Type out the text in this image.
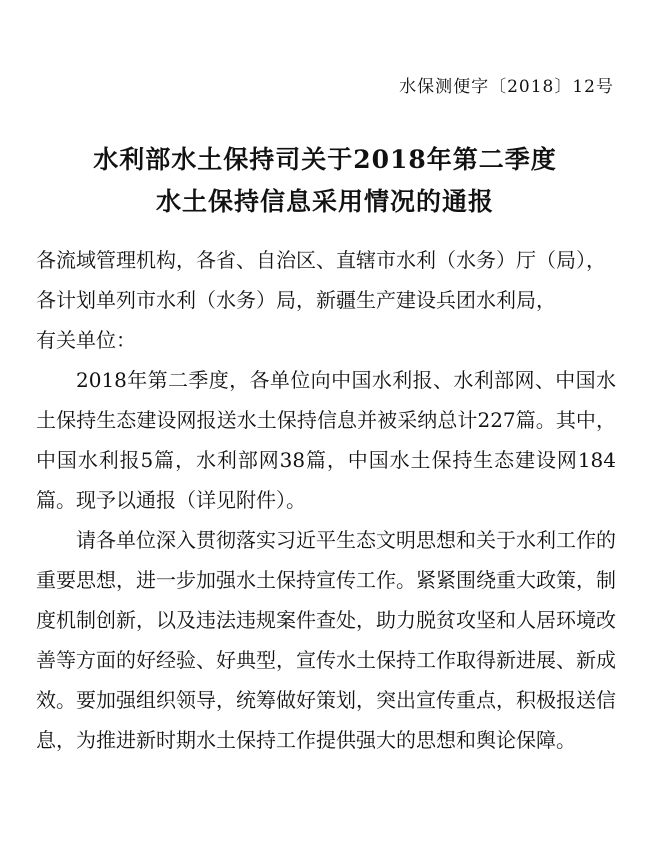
水保测便字〔2018〕12号
水利部水土保持司关于2018年第二季度
水土保持信息采用情况的通报

各流域管理机构，各省、自治区、直辖市水利（水务）厅（局），

各计划单列市水利（水务）局，新疆生产建设兵团水利局，

有关单位：

2018年第二季度，各单位向中国水利报、水利部网、中国水土保持生态建设网报送水土保持信息并被采纳总计227篇。其中，中国水利报5篇，水利部网38篇，中国水土保持生态建设网184篇。现予以通报（详见附件）。

请各单位深入贯彻落实习近平生态文明思想和关于水利工作的重要思想，进一步加强水土保持宣传工作。紧紧围绕重大政策，制度机制创新，以及违法违规案件查处，助力脱贫攻坚和人居环境改善等方面的好经验、好典型，宣传水土保持工作取得新进展、新成效。要加强组织领导，统筹做好策划，突出宣传重点，积极报送信息，为推进新时期水土保持工作提供强大的思想和舆论保障。
